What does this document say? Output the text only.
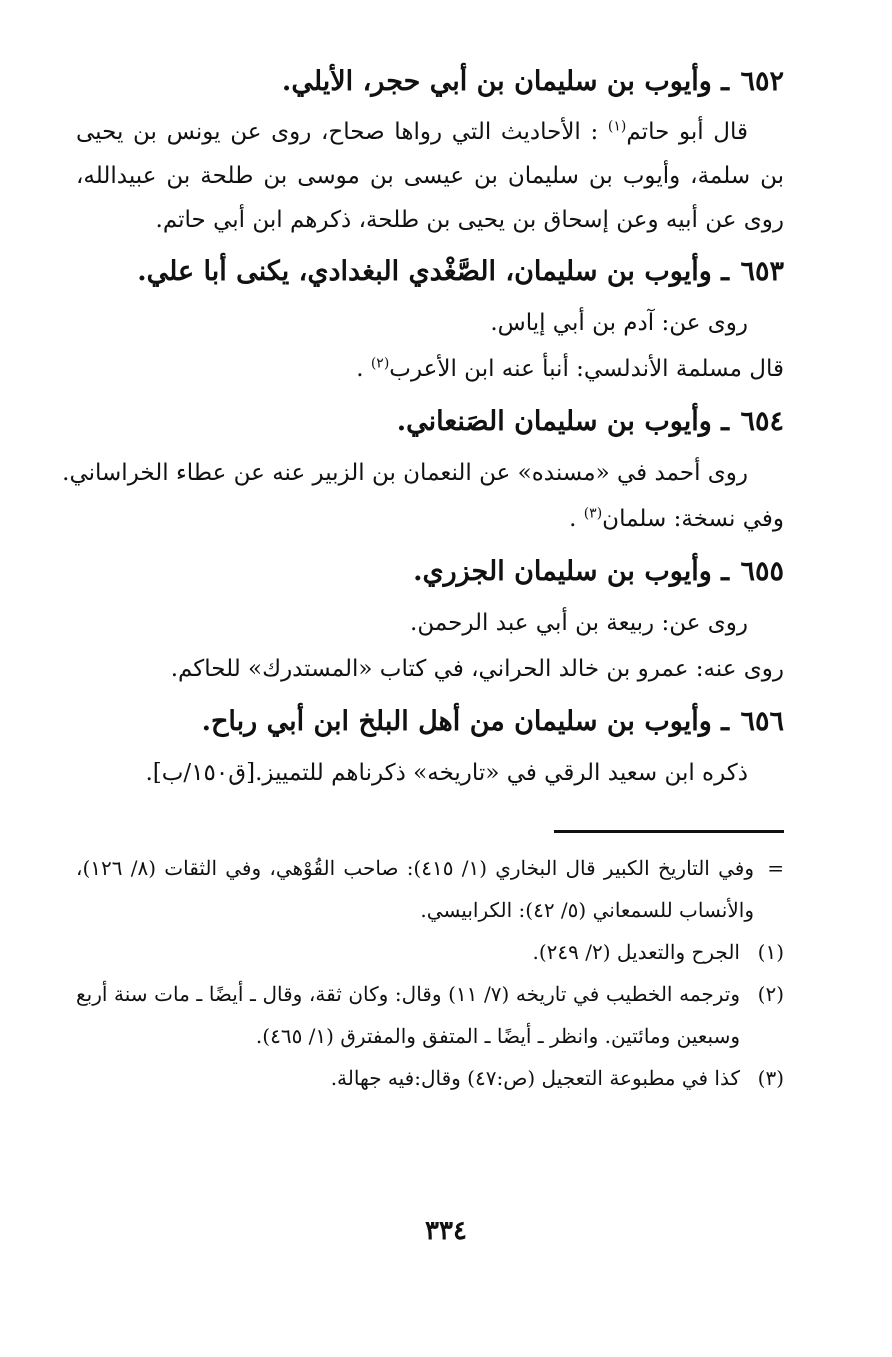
٦٥٢ ـ وأيوب بن سليمان بن أبي حجر، الأيلي.

قال أبو حاتم$^{(١)}$ : الأحاديث التي رواها صحاح، روى عن يونس بن يحيى بن سلمة، وأيوب بن سليمان بن عيسى بن موسى بن طلحة بن عبيدالله، روى عن أبيه وعن إسحاق بن يحيى بن طلحة، ذكرهم ابن أبي حاتم.

٦٥٣ ـ وأيوب بن سليمان، الصَّغْدي البغدادي، يكنى أبا علي.

روى عن: آدم بن أبي إياس.

قال مسلمة الأندلسي: أنبأ عنه ابن الأعرب$^{(٢)}$ .

٦٥٤ ـ وأيوب بن سليمان الصَنعاني.

روى أحمد في «مسنده» عن النعمان بن الزبير عنه عن عطاء الخراساني.

وفي نسخة: سلمان$^{(٣)}$ .

٦٥٥ ـ وأيوب بن سليمان الجزري.

روى عن: ربيعة بن أبي عبد الرحمن.

روى عنه: عمرو بن خالد الحراني، في كتاب «المستدرك» للحاكم.

٦٥٦ ـ وأيوب بن سليمان من أهل البلخ ابن أبي رباح.

ذكره ابن سعيد الرقي في «تاريخه» ذكرناهم للتمييز.[ق١٥٠/ب].

=
وفي التاريخ الكبير قال البخاري (١/ ٤١٥): صاحب القُوْهي، وفي الثقات (٨/ ١٢٦)، والأنساب للسمعاني (٥/ ٤٢): الكرابيسي.
(١)
الجرح والتعديل (٢/ ٢٤٩).
(٢)
وترجمه الخطيب في تاريخه (٧/ ١١) وقال: وكان ثقة، وقال ـ أيضًا ـ مات سنة أربع وسبعين ومائتين. وانظر ـ أيضًا ـ المتفق والمفترق (١/ ٤٦٥).
(٣)
كذا في مطبوعة التعجيل (ص:٤٧) وقال:فيه جهالة.
٣٣٤
